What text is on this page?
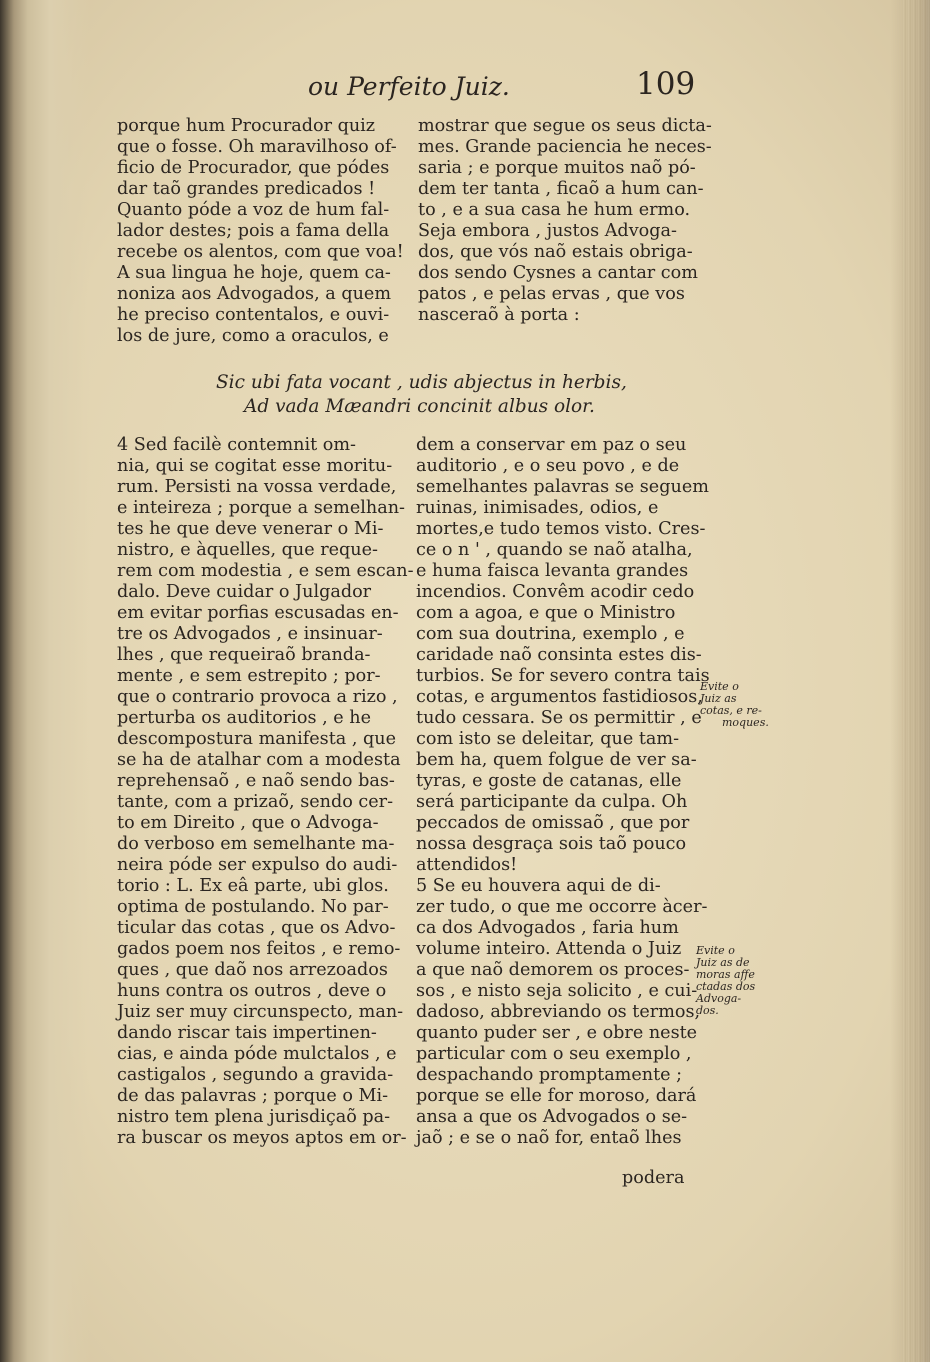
ou Perfeito Juiz.	109
porque hum Procurador quiz
que o fosse. Oh maravilhoso of-
ficio de Procurador, que pódes
dar taõ grandes predicados !
Quanto póde a voz de hum fal-
lador destes; pois a fama della
recebe os alentos, com que voa!
A sua lingua he hoje, quem ca-
noniza aos Advogados, a quem
he preciso contentalos, e ouvi-
los de jure, como a oraculos, e
mostrar que segue os seus dicta-
mes. Grande paciencia he neces-
saria ; e porque muitos naõ pó-
dem ter tanta , ficaõ a hum can-
to , e a sua casa he hum ermo.
Seja embora , justos Advoga-
dos, que vós naõ estais obriga-
dos sendo Cysnes a cantar com
patos , e pelas ervas , que vos
nasceraõ à porta :
Sic ubi fata vocant , udis abjectus in herbis,
Ad vada Mæandri concinit albus olor.
4 Sed facilè contemnit om-
nia, qui se cogitat esse moritu-
rum. Persisti na vossa verdade,
e inteireza ; porque a semelhan-
tes he que deve venerar o Mi-
nistro, e àquelles, que reque-
rem com modestia , e sem escan-
dalo. Deve cuidar o Julgador
em evitar porfias escusadas en-
tre os Advogados , e insinuar-
lhes , que requeiraõ branda-
mente , e sem estrepito ; por-
que o contrario provoca a rizo ,
perturba os auditorios , e he
descompostura manifesta , que
se ha de atalhar com a modesta
reprehensaõ , e naõ sendo bas-
tante, com a prizaõ, sendo cer-
to em Direito , que o Advoga-
do verboso em semelhante ma-
neira póde ser expulso do audi-
torio : L. Ex eâ parte, ubi glos.
optima de postulando. No par-
ticular das cotas , que os Advo-
gados poem nos feitos , e remo-
ques , que daõ nos arrezoados
huns contra os outros , deve o
Juiz ser muy circunspecto, man-
dando riscar tais impertinen-
cias, e ainda póde mulctalos , e
castigalos , segundo a gravida-
de das palavras ; porque o Mi-
nistro tem plena jurisdiçaõ pa-
ra buscar os meyos aptos em or-
dem a conservar em paz o seu
auditorio , e o seu povo , e de
semelhantes palavras se seguem
ruinas, inimisades, odios, e
mortes,e tudo temos visto. Cres-
ce o n ' , quando se naõ atalha,
e huma faisca levanta grandes
incendios. Convêm acodir cedo
com a agoa, e que o Ministro
com sua doutrina, exemplo , e
caridade naõ consinta estes dis-
turbios. Se for severo contra tais
cotas, e argumentos fastidiosos,
tudo cessara. Se os permittir , e
com isto se deleitar, que tam-
bem ha, quem folgue de ver sa-
tyras, e goste de catanas, elle
será participante da culpa. Oh
peccados de omissaõ , que por
nossa desgraça sois taõ pouco
attendidos!
5 Se eu houvera aqui de di-
zer tudo, o que me occorre àcer-
ca dos Advogados , faria hum
volume inteiro. Attenda o Juiz
a que naõ demorem os proces-
sos , e nisto seja solicito , e cui-
dadoso, abbreviando os termos,
quanto puder ser , e obre neste
particular com o seu exemplo ,
despachando promptamente ;
porque se elle for moroso, dará
ansa a que os Advogados o se-
jaõ ; e se o naõ for, entaõ lhes
Evite o
Juiz as
cotas, e re-
moques.
Evite o
Juiz as de
moras affe
ctadas dos
Advoga-
dos.
podera
